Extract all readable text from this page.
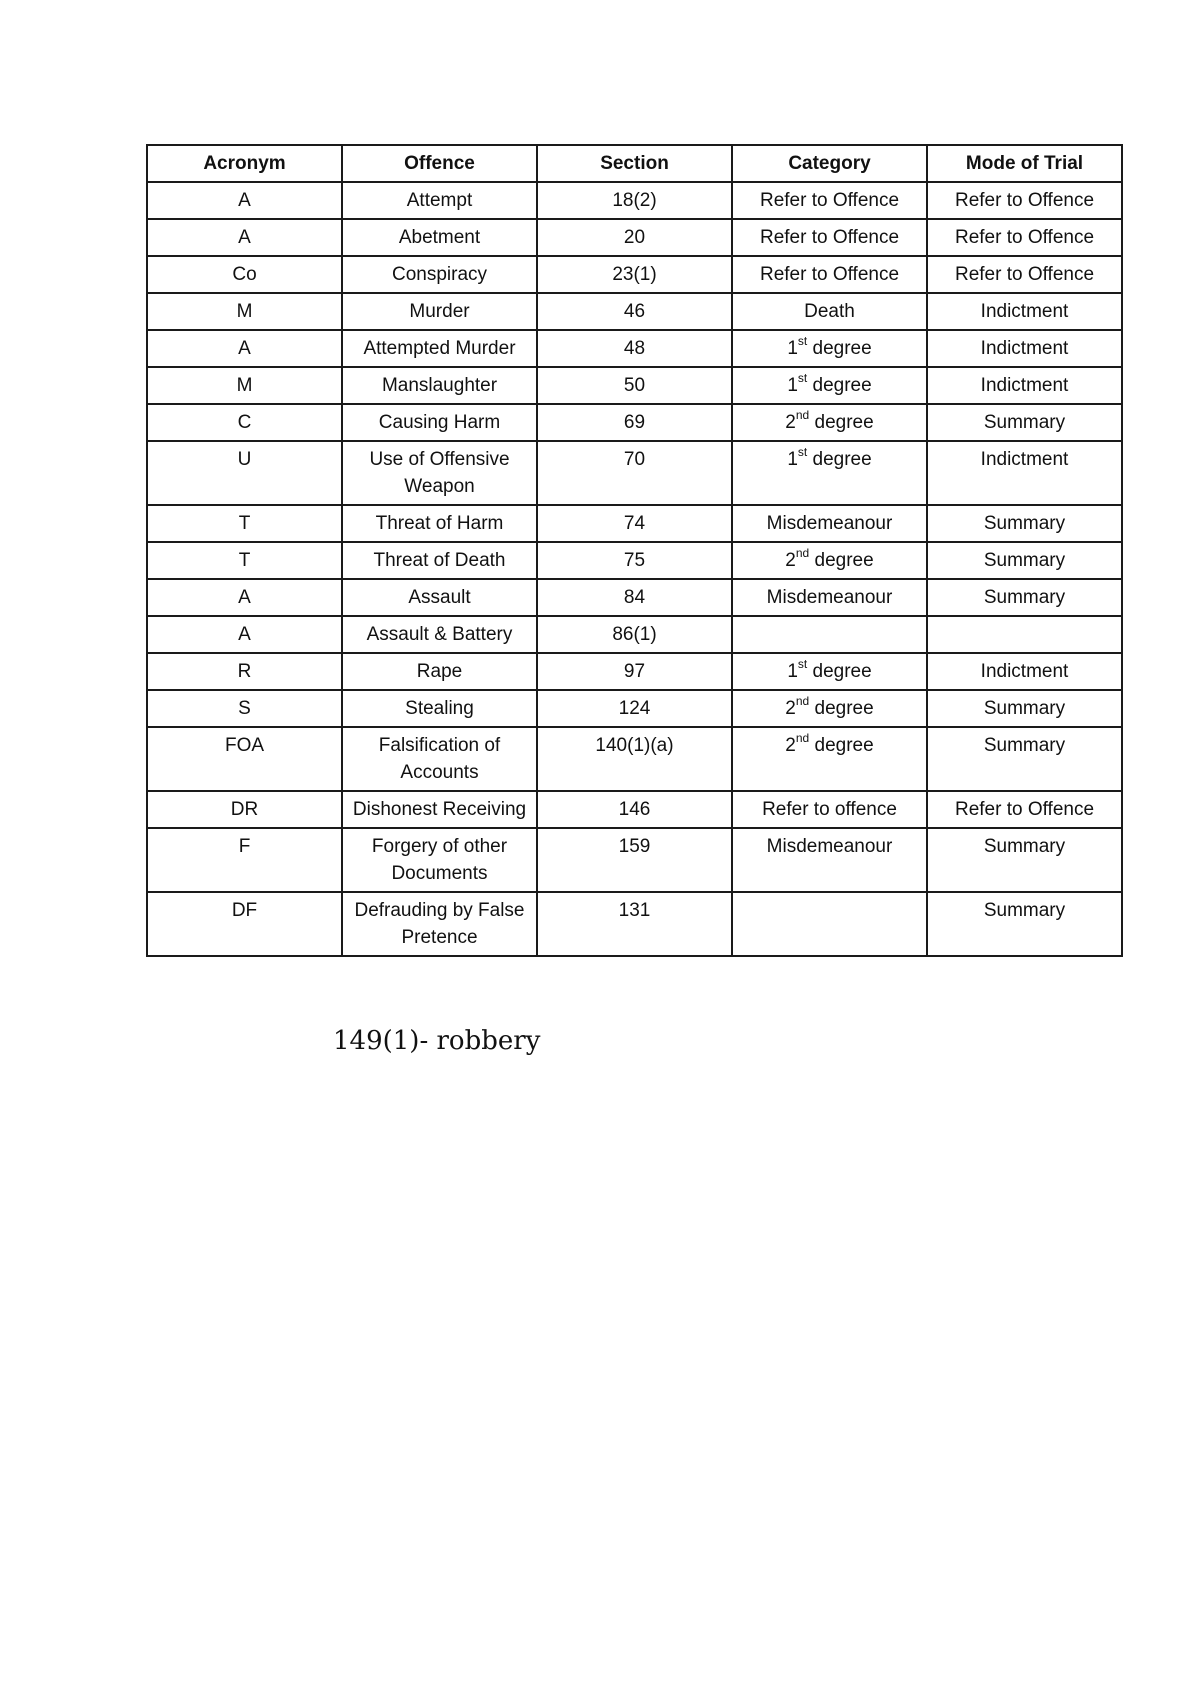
Acronym	Offence	Section	Category	Mode of Trial
A	Attempt	18(2)	Refer to Offence	Refer to Offence
A	Abetment	20	Refer to Offence	Refer to Offence
Co	Conspiracy	23(1)	Refer to Offence	Refer to Offence
M	Murder	46	Death	Indictment
A	Attempted Murder	48	1st degree	Indictment
M	Manslaughter	50	1st degree	Indictment
C	Causing Harm	69	2nd degree	Summary
U	Use of Offensive Weapon	70	1st degree	Indictment
T	Threat of Harm	74	Misdemeanour	Summary
T	Threat of Death	75	2nd degree	Summary
A	Assault	84	Misdemeanour	Summary
A	Assault & Battery	86(1)		
R	Rape	97	1st degree	Indictment
S	Stealing	124	2nd degree	Summary
FOA	Falsification of Accounts	140(1)(a)	2nd degree	Summary
DR	Dishonest Receiving	146	Refer to offence	Refer to Offence
F	Forgery of other Documents	159	Misdemeanour	Summary
DF	Defrauding by False Pretence	131		Summary
149(1)- robbery
